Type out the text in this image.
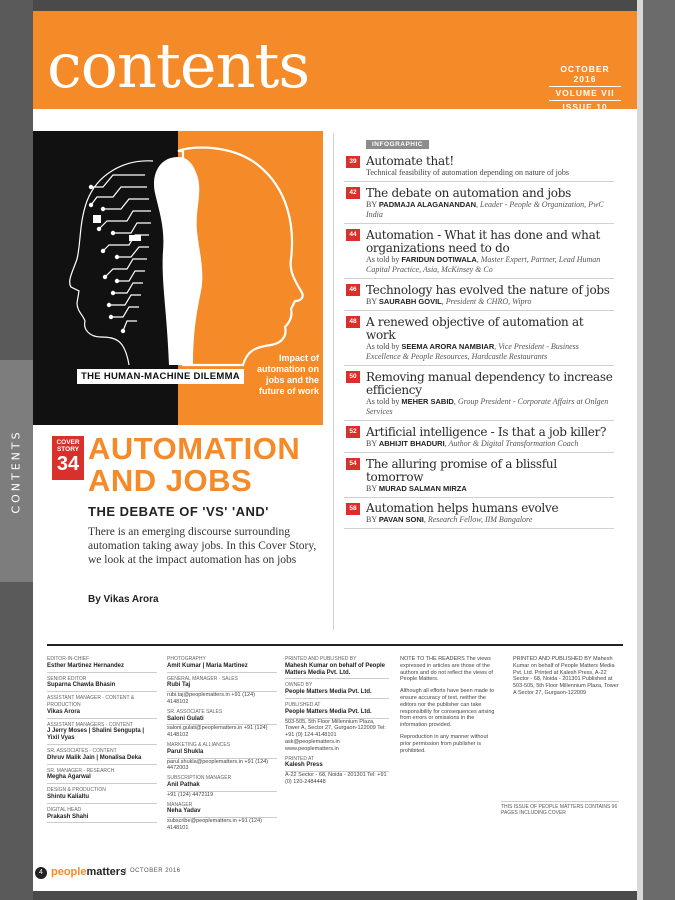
CONTENTS
contents	OCTOBER 2016
VOLUME VII
ISSUE 10
THE HUMAN-MACHINE DILEMMA
Impact of automation on jobs and the future of work
COVER STORY
34 AUTOMATION
AND JOBS
THE DEBATE OF 'VS' 'AND'
There is an emerging discourse surrounding automation taking away jobs. In this Cover Story, we look at the impact automation has on jobs
By Vikas Arora
INFOGRAPHIC
39 Automate that!
Technical feasibility of automation depending on nature of jobs
42 The debate on automation and jobs
BY PADMAJA ALAGANANDAN, Leader - People & Organization, PwC India
44 Automation - What it has done and what organizations need to do
As told by FARIDUN DOTIWALA, Master Expert, Partner, Lead Human Capital Practice, Asia, McKinsey & Co
46 Technology has evolved the nature of jobs
BY SAURABH GOVIL, President & CHRO, Wipro
48 A renewed objective of automation at work
As told by SEEMA ARORA NAMBIAR, Vice President - Business Excellence & People Resources, Hardcastle Restaurants
50 Removing manual dependency to increase efficiency
As told by MEHER SABID, Group President - Corporate Affairs at Onlgen Services
52 Artificial intelligence - Is that a job killer?
BY ABHIJIT BHADURI, Author & Digital Transformation Coach
54 The alluring promise of a blissful tomorrow
BY MURAD SALMAN MIRZA
58 Automation helps humans evolve
BY PAVAN SONI, Research Fellow, IIM Bangalore
EDITOR-IN-CHIEF
Esther Martinez Hernandez
SENIOR EDITOR
Suparna Chawla Bhasin
ASSISTANT MANAGER - CONTENT & PRODUCTION
Vikas Arora
ASSISTANT MANAGERS - CONTENT
J Jerry Moses | Shalini Sengupta | Yixil Vyas
SR. ASSOCIATES - CONTENT
Dhruv Malik Jain | Monalisa Deka
SR. MANAGER - RESEARCH
Megha Agarwal
DESIGN & PRODUCTION
Shintu Kalialtu
DIGITAL HEAD
Prakash Shahi
PHOTOGRAPHY
Amit Kumar | Maria Martinez
GENERAL MANAGER - SALES
Rubi Taj

rubi.taj@peoplematters.in +91 (124) 4148102

SR. ASSOCIATE SALES
Saloni Gulati

saloni.gulati@peoplematters.in +91 (124) 4148102

MARKETING & ALLIANCES
Parul Shukla

parul.shukla@peoplematters.in +91 (124) 4472003

SUBSCRIPTION MANAGER
Anil Pathak

+91 (124) 4472119

MANAGER
Neha Yadav

subscribe@peoplematters.in +91 (124) 4148101

PRINTED AND PUBLISHED BY
Mahesh Kumar on behalf of People Matters Media Pvt. Ltd.
OWNED BY
People Matters Media Pvt. Ltd.
PUBLISHED AT
People Matters Media Pvt. Ltd.

503-505, 5th Floor Millennium Plaza, Tower A, Sector 27, Gurgaon-122009 Tel: +91 (0) 124-4148101 ask@peoplematters.in www.peoplematters.in

PRINTED AT
Kalesh Press

A-22 Sector - 68, Noida - 201301 Tel: +91 (0) 120-2484448

NOTE TO THE READERS The views expressed in articles are those of the authors and do not reflect the views of People Matters.

Although all efforts have been made to ensure accuracy of text, neither the editors nor the publisher can take responsibility for consequences arising from errors or omissions in the information provided.

Reproduction in any manner without prior permission from publisher is prohibited.

PRINTED AND PUBLISHED BY Mahesh Kumar on behalf of People Matters Media Pvt. Ltd. Printed at Kalesh Press, A-22 Sector - 68, Noida - 201301 Published at 503-505, 5th Floor Millennium Plaza, Tower A Sector 27, Gurgaon-122009

THIS ISSUE OF PEOPLE MATTERS CONTAINS 96 PAGES INCLUDING COVER
4 peoplematters OCTOBER 2016
